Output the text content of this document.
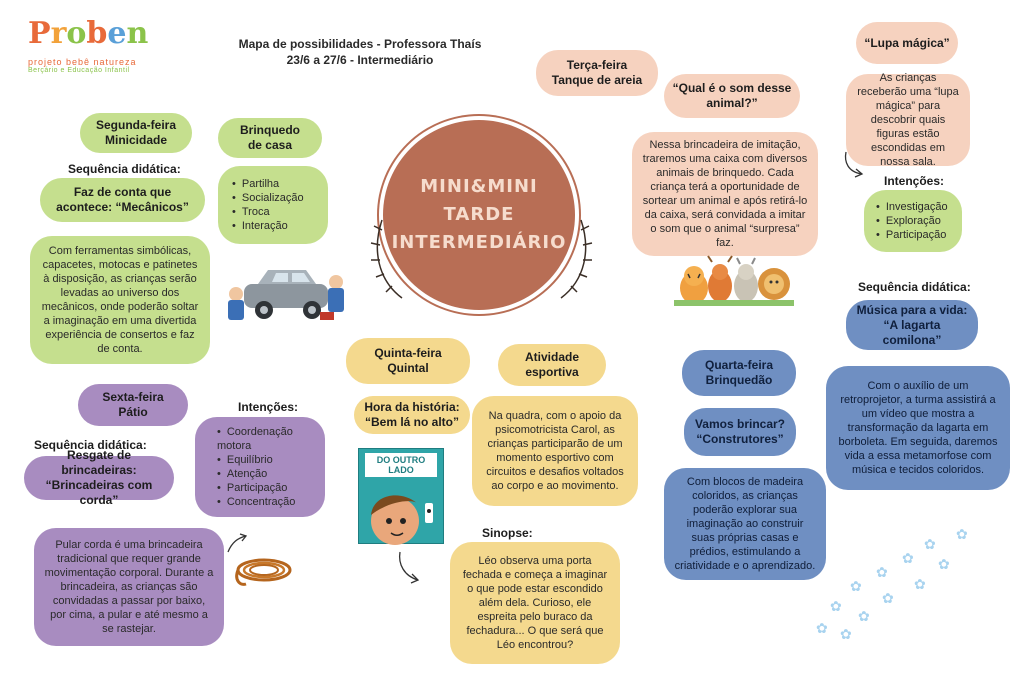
Proben
projeto bebê natureza
Berçário e Educação Infantil
Mapa de possibilidades - Professora Thaís
23/6 a 27/6 - Intermediário
MINI&MINI
TARDE
INTERMEDIÁRIO
Segunda-feira
Minicidade
Brinquedo
de casa
• Partilha
• Socialização
• Troca
• Interação
Sequência didática:
Faz de conta que acontece: “Mecânicos”
Com ferramentas simbólicas, capacetes, motocas e patinetes à disposição, as crianças serão levadas ao universo dos mecânicos, onde poderão soltar a imaginação em uma divertida experiência de consertos e faz de conta.
Sexta-feira
Pátio	Intenções:
• Coordenação motora
• Equilíbrio
• Atenção
• Participação
• Concentração
Sequência didática:
Resgate de brincadeiras: “Brincadeiras com corda”
Pular corda é uma brincadeira tradicional que requer grande movimentação corporal. Durante a brincadeira, as crianças são convidadas a passar por baixo, por cima, a pular e até mesmo a se rastejar.
Quinta-feira
Quintal
Hora da história: “Bem lá no alto”
DO OUTRO LADO
Atividade esportiva
Na quadra, com o apoio da psicomotricista Carol, as crianças participarão de um momento esportivo com circuitos e desafios voltados ao corpo e ao movimento.
Sinopse:
Léo observa uma porta fechada e começa a imaginar o que pode estar escondido além dela. Curioso, ele espreita pelo buraco da fechadura... O que será que Léo encontrou?
Terça-feira
Tanque de areia
“Qual é o som desse animal?”
Nessa brincadeira de imitação, traremos uma caixa com diversos animais de brinquedo. Cada criança terá a oportunidade de sortear um animal e após retirá-lo da caixa, será convidada a imitar o som que o animal “surpresa” faz.
Quarta-feira
Brinquedão
Vamos brincar? “Construtores”
Com blocos de madeira coloridos, as crianças poderão explorar sua imaginação ao construir suas próprias casas e prédios, estimulando a criatividade e o aprendizado.
“Lupa mágica”
As crianças receberão uma “lupa mágica” para descobrir quais figuras estão escondidas em nossa sala.
Intenções:
• Investigação
• Exploração
• Participação
Sequência didática:
Música para a vida: “A lagarta comilona”
Com o auxílio de um retroprojetor, a turma assistirá a um vídeo que mostra a transformação da lagarta em borboleta. Em seguida, daremos vida a essa metamorfose com música e tecidos coloridos.
✿
✿
✿
✿
✿
✿
✿
✿
✿
✿
✿ ✿
